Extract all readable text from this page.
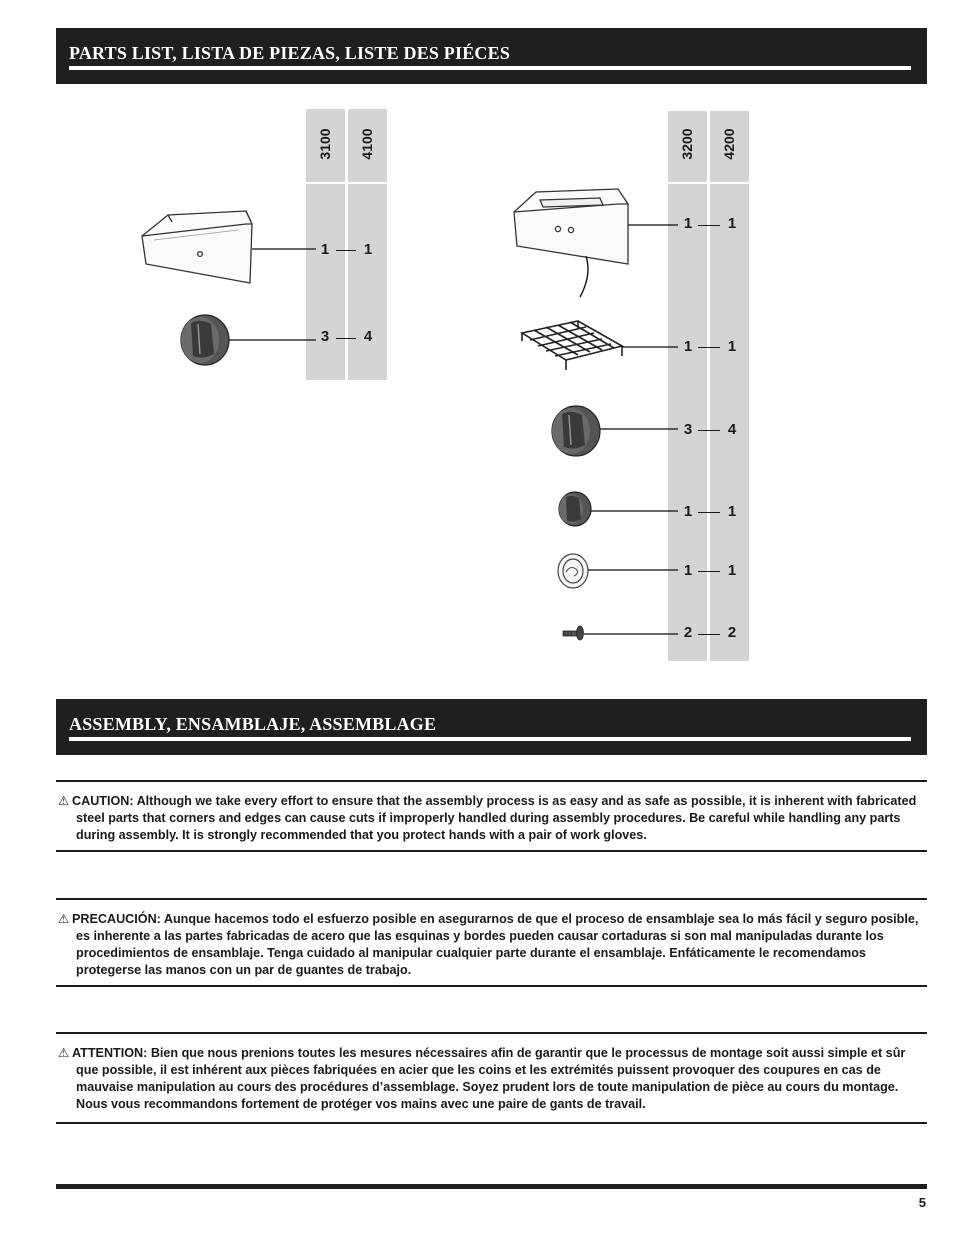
PARTS LIST, LISTA DE PIEZAS, LISTE DES PIÉCES
3100 4100
1	1
3	4
3200 4200
1	1
1	1
3	4
1	1
1	1
2	2
ASSEMBLY, ENSAMBLAJE, ASSEMBLAGE

⚠ CAUTION: Although we take every effort to ensure that the assembly process is as easy and as safe as possible, it is inherent with fabricated steel parts that corners and edges can cause cuts if improperly handled during assembly procedures. Be careful while handling any parts during assembly. It is strongly recommended that you protect hands with a pair of work gloves.

⚠ PRECAUCIÓN: Aunque hacemos todo el esfuerzo posible en asegurarnos de que el proceso de ensamblaje sea lo más fácil y seguro posible, es inherente a las partes fabricadas de acero que las esquinas y bordes pueden causar cortaduras si son mal manipuladas durante los procedimientos de ensamblaje. Tenga cuidado al manipular cualquier parte durante el ensamblaje. Enfáticamente le recomendamos protegerse las manos con un par de guantes de trabajo.

⚠ ATTENTION: Bien que nous prenions toutes les mesures nécessaires afin de garantir que le processus de montage soit aussi simple et sûr que possible, il est inhérent aux pièces fabriquées en acier que les coins et les extrémités puissent provoquer des coupures en cas de mauvaise manipulation au cours des procédures d’assemblage. Soyez prudent lors de toute manipulation de pièce au cours du montage. Nous vous recommandons fortement de protéger vos mains avec une paire de gants de travail.

5
